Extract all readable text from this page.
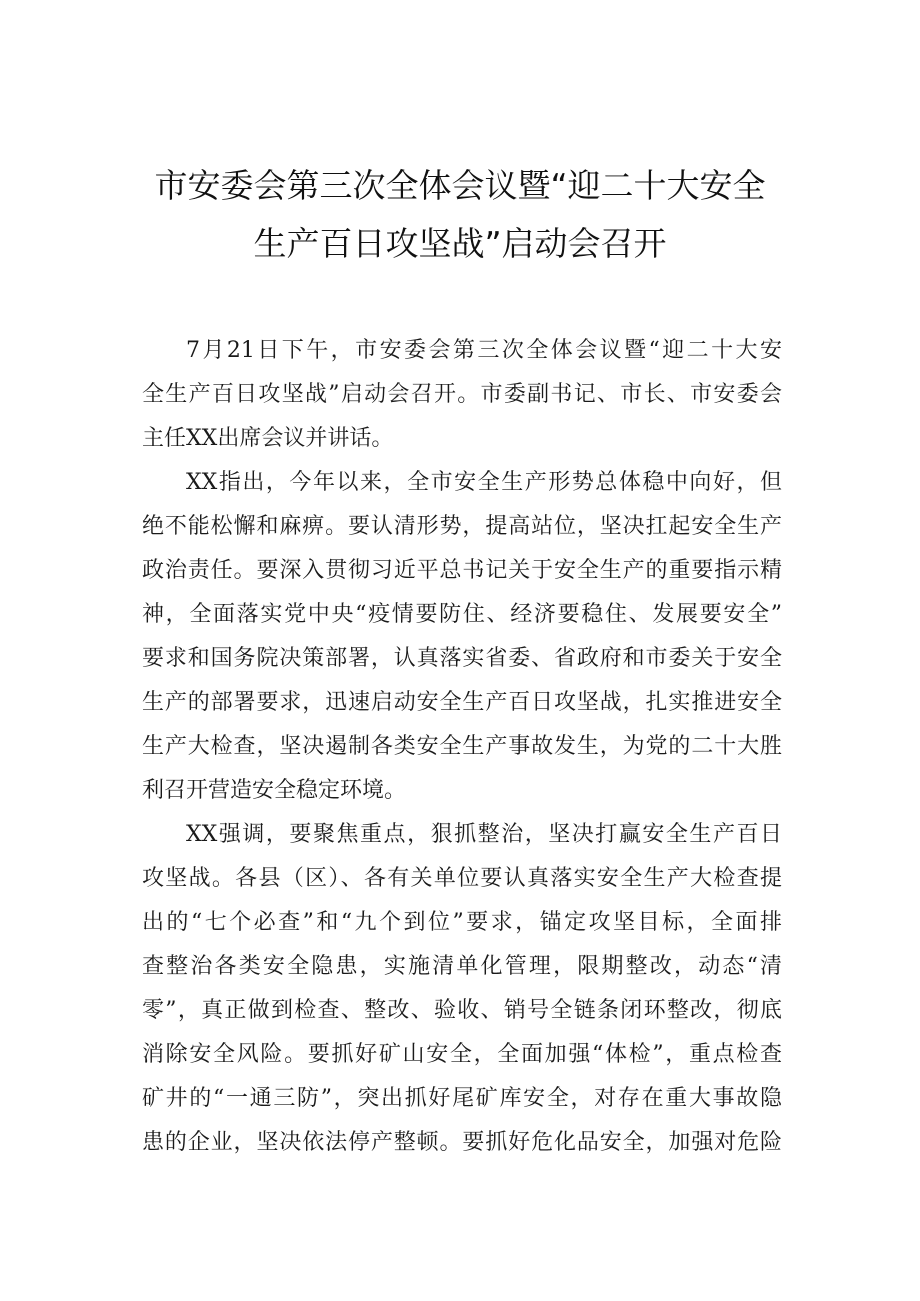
市安委会第三次全体会议暨“迎二十大安全
生产百日攻坚战”启动会召开

7月21日下午，市安委会第三次全体会议暨“迎二十大安

全生产百日攻坚战”启动会召开。市委副书记、市长、市安委会

主任XX出席会议并讲话。

XX指出，今年以来，全市安全生产形势总体稳中向好，但

绝不能松懈和麻痹。要认清形势，提高站位，坚决扛起安全生产

政治责任。要深入贯彻习近平总书记关于安全生产的重要指示精

神，全面落实党中央“疫情要防住、经济要稳住、发展要安全”

要求和国务院决策部署，认真落实省委、省政府和市委关于安全

生产的部署要求，迅速启动安全生产百日攻坚战，扎实推进安全

生产大检查，坚决遏制各类安全生产事故发生，为党的二十大胜

利召开营造安全稳定环境。

XX强调，要聚焦重点，狠抓整治，坚决打赢安全生产百日

攻坚战。各县（区）、各有关单位要认真落实安全生产大检查提

出的“七个必查”和“九个到位”要求，锚定攻坚目标，全面排

查整治各类安全隐患，实施清单化管理，限期整改，动态“清

零”，真正做到检查、整改、验收、销号全链条闭环整改，彻底

消除安全风险。要抓好矿山安全，全面加强“体检”，重点检查

矿井的“一通三防”，突出抓好尾矿库安全，对存在重大事故隐

患的企业，坚决依法停产整顿。要抓好危化品安全，加强对危险
